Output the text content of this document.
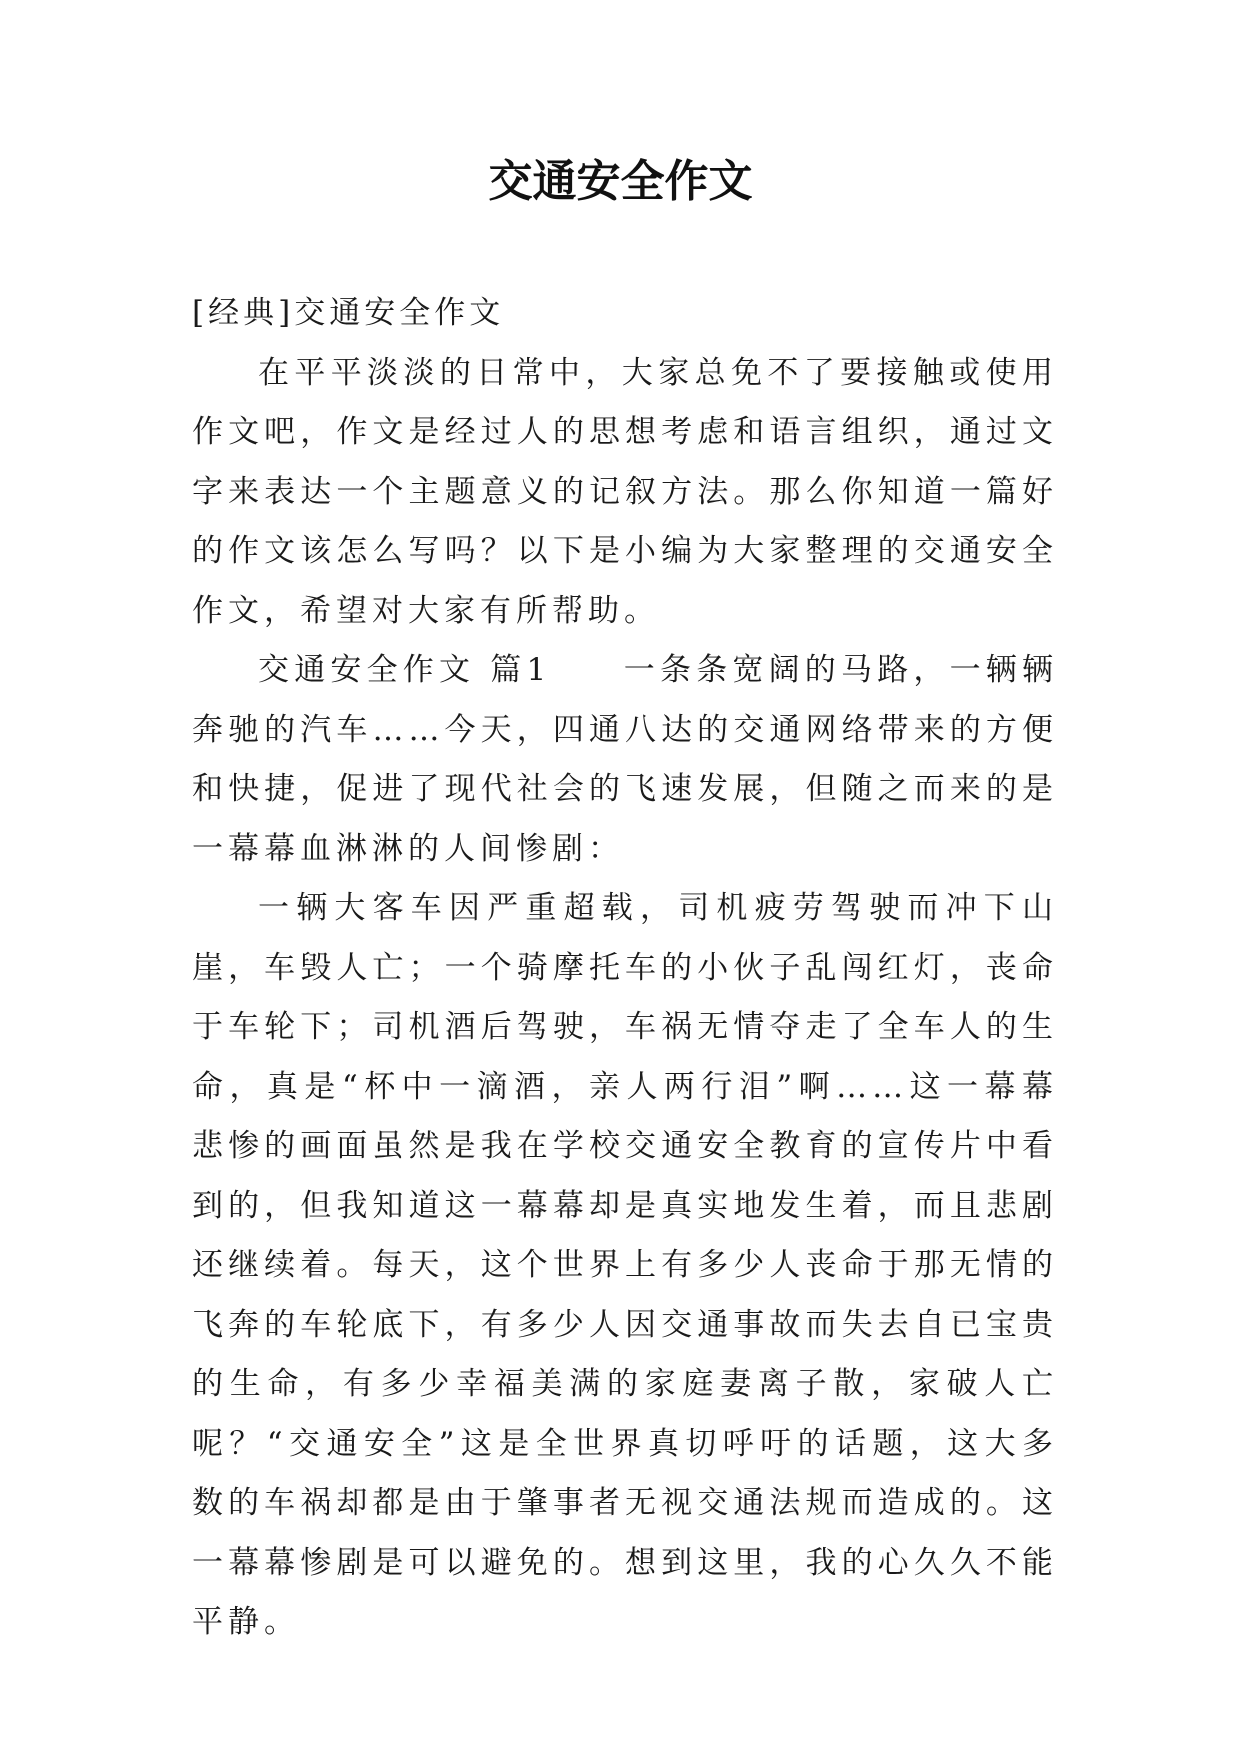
交通安全作文

[经典]交通安全作文

在平平淡淡的日常中，大家总免不了要接触或使用作文吧，作文是经过人的思想考虑和语言组织，通过文字来表达一个主题意义的记叙方法。那么你知道一篇好的作文该怎么写吗？以下是小编为大家整理的交通安全作文，希望对大家有所帮助。

交通安全作文 篇1　　一条条宽阔的马路，一辆辆奔驰的汽车……今天，四通八达的交通网络带来的方便和快捷，促进了现代社会的飞速发展，但随之而来的是一幕幕血淋淋的人间惨剧：

一辆大客车因严重超载，司机疲劳驾驶而冲下山崖，车毁人亡；一个骑摩托车的小伙子乱闯红灯，丧命于车轮下；司机酒后驾驶，车祸无情夺走了全车人的生命，真是“杯中一滴酒，亲人两行泪”啊……这一幕幕悲惨的画面虽然是我在学校交通安全教育的宣传片中看到的，但我知道这一幕幕却是真实地发生着，而且悲剧还继续着。每天，这个世界上有多少人丧命于那无情的飞奔的车轮底下，有多少人因交通事故而失去自已宝贵的生命，有多少幸福美满的家庭妻离子散，家破人亡呢？“交通安全”这是全世界真切呼吁的话题，这大多数的车祸却都是由于肇事者无视交通法规而造成的。这一幕幕惨剧是可以避免的。想到这里，我的心久久不能平静。
